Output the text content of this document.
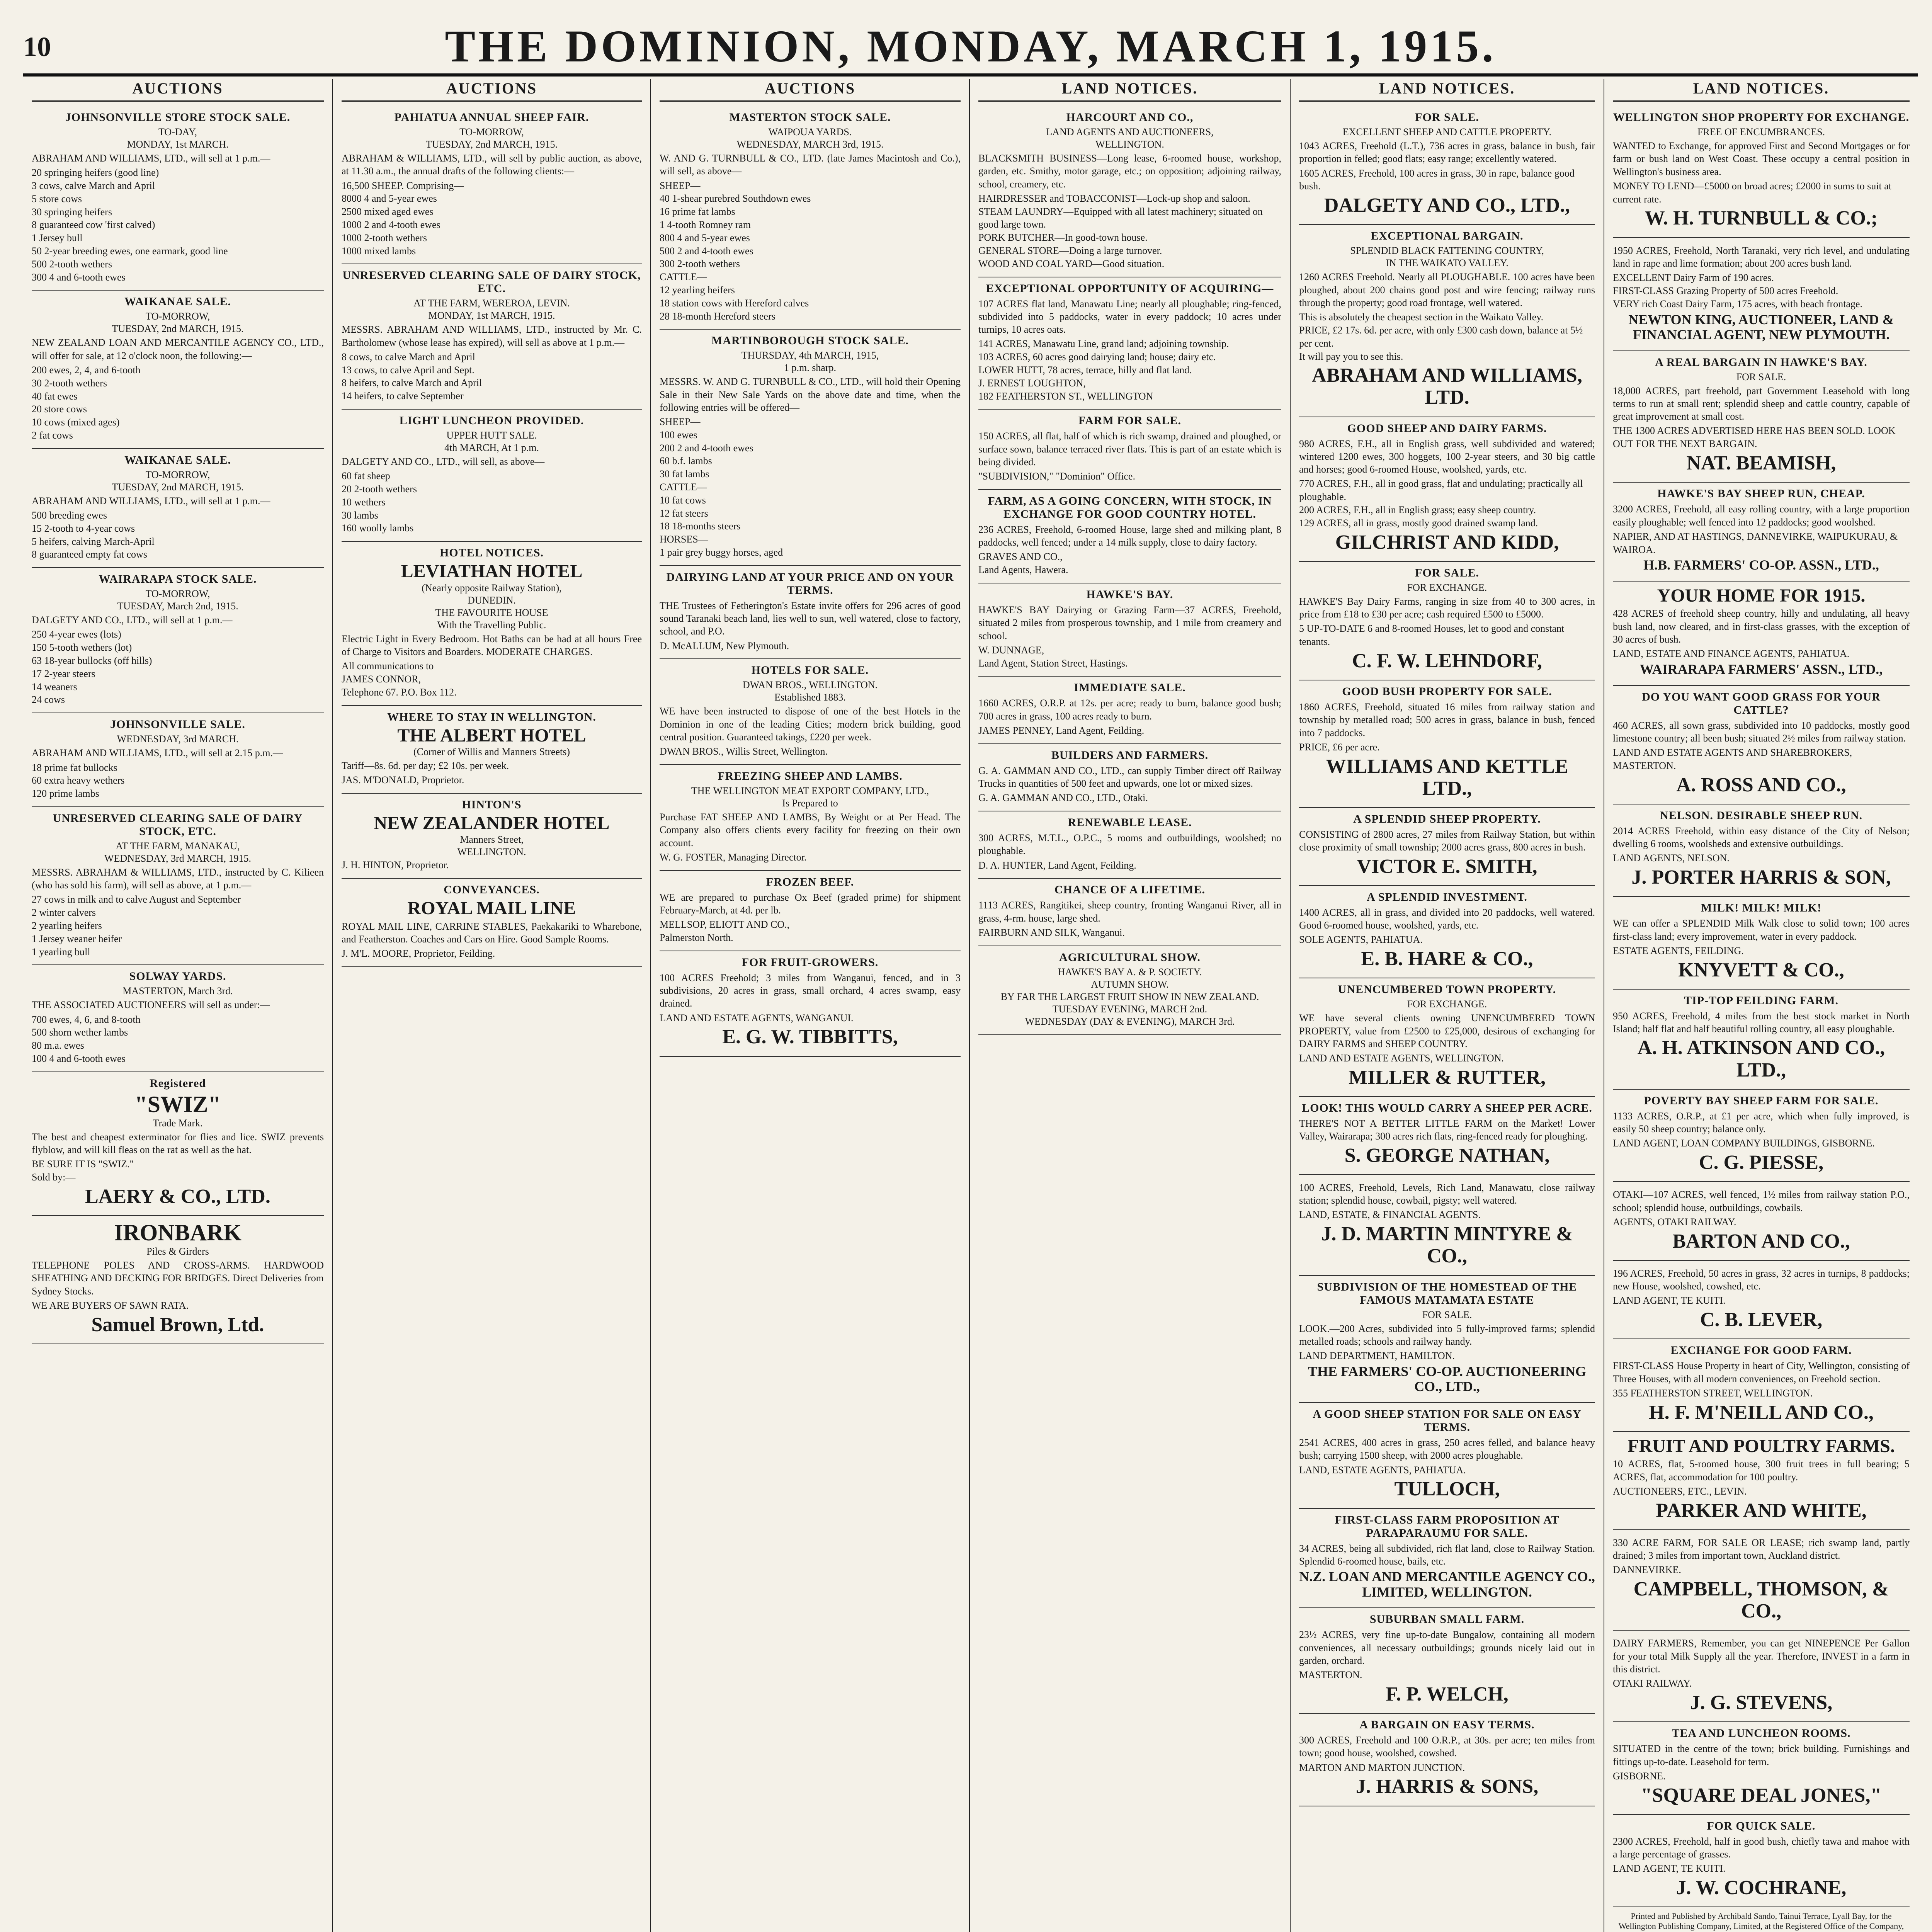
10	THE DOMINION, MONDAY, MARCH 1, 1915.
AUCTIONS
JOHNSONVILLE STORE STOCK SALE.
TO-DAY,
MONDAY, 1st MARCH.

ABRAHAM AND WILLIAMS, LTD., will sell at 1 p.m.—

20 springing heifers (good line)
3 cows, calve March and April
5 store cows
30 springing heifers
8 guaranteed cow 'first calved)
1 Jersey bull
50 2-year breeding ewes, one earmark, good line
500 2-tooth wethers
300 4 and 6-tooth ewes
WAIKANAE SALE.
TO-MORROW,
TUESDAY, 2nd MARCH, 1915.

NEW ZEALAND LOAN AND MERCANTILE AGENCY CO., LTD., will offer for sale, at 12 o'clock noon, the following:—

200 ewes, 2, 4, and 6-tooth
30 2-tooth wethers
40 fat ewes
20 store cows
10 cows (mixed ages)
2 fat cows
WAIKANAE SALE.
TO-MORROW,
TUESDAY, 2nd MARCH, 1915.

ABRAHAM AND WILLIAMS, LTD., will sell at 1 p.m.—

500 breeding ewes
15 2-tooth to 4-year cows
5 heifers, calving March-April
8 guaranteed empty fat cows
WAIRARAPA STOCK SALE.
TO-MORROW,
TUESDAY, March 2nd, 1915.

DALGETY AND CO., LTD., will sell at 1 p.m.—

250 4-year ewes (lots)
150 5-tooth wethers (lot)
63 18-year bullocks (off hills)
17 2-year steers
14 weaners
24 cows
JOHNSONVILLE SALE.
WEDNESDAY, 3rd MARCH.

ABRAHAM AND WILLIAMS, LTD., will sell at 2.15 p.m.—

18 prime fat bullocks
60 extra heavy wethers
120 prime lambs
UNRESERVED CLEARING SALE OF DAIRY STOCK, ETC.
AT THE FARM, MANAKAU,
WEDNESDAY, 3rd MARCH, 1915.

MESSRS. ABRAHAM & WILLIAMS, LTD., instructed by C. Kilieen (who has sold his farm), will sell as above, at 1 p.m.—

27 cows in milk and to calve August and September
2 winter calvers
2 yearling heifers
1 Jersey weaner heifer
1 yearling bull
SOLWAY YARDS.
MASTERTON, March 3rd.

THE ASSOCIATED AUCTIONEERS will sell as under:—

700 ewes, 4, 6, and 8-tooth
500 shorn wether lambs
80 m.a. ewes
100 4 and 6-tooth ewes
Registered
"SWIZ"
Trade Mark.

The best and cheapest exterminator for flies and lice. SWIZ prevents flyblow, and will kill fleas on the rat as well as the hat.

BE SURE IT IS "SWIZ."
Sold by:—
LAERY & CO., LTD.
IRONBARK
Piles & Girders

TELEPHONE POLES AND CROSS-ARMS. HARDWOOD SHEATHING AND DECKING FOR BRIDGES. Direct Deliveries from Sydney Stocks.

WE ARE BUYERS OF SAWN RATA.
Samuel Brown, Ltd.
AUCTIONS
PAHIATUA ANNUAL SHEEP FAIR.
TO-MORROW,
TUESDAY, 2nd MARCH, 1915.

ABRAHAM & WILLIAMS, LTD., will sell by public auction, as above, at 11.30 a.m., the annual drafts of the following clients:—

16,500 SHEEP. Comprising—
8000 4 and 5-year ewes
2500 mixed aged ewes
1000 2 and 4-tooth ewes
1000 2-tooth wethers
1000 mixed lambs
UNRESERVED CLEARING SALE OF DAIRY STOCK, ETC.
AT THE FARM, WEREROA, LEVIN.
MONDAY, 1st MARCH, 1915.

MESSRS. ABRAHAM AND WILLIAMS, LTD., instructed by Mr. C. Bartholomew (whose lease has expired), will sell as above at 1 p.m.—

8 cows, to calve March and April
13 cows, to calve April and Sept.
8 heifers, to calve March and April
14 heifers, to calve September
LIGHT LUNCHEON PROVIDED.
UPPER HUTT SALE.
4th MARCH, At 1 p.m.

DALGETY AND CO., LTD., will sell, as above—

60 fat sheep
20 2-tooth wethers
10 wethers
30 lambs
160 woolly lambs
HOTEL NOTICES.
LEVIATHAN HOTEL
(Nearly opposite Railway Station),
DUNEDIN.
THE FAVOURITE HOUSE
With the Travelling Public.

Electric Light in Every Bedroom. Hot Baths can be had at all hours Free of Charge to Visitors and Boarders. MODERATE CHARGES.

All communications to
JAMES CONNOR,
Telephone 67. P.O. Box 112.
WHERE TO STAY IN WELLINGTON.
THE ALBERT HOTEL
(Corner of Willis and Manners Streets)

Tariff—8s. 6d. per day; £2 10s. per week.

JAS. M'DONALD, Proprietor.
HINTON'S
NEW ZEALANDER HOTEL
Manners Street,
WELLINGTON.
J. H. HINTON, Proprietor.
CONVEYANCES.
ROYAL MAIL LINE

ROYAL MAIL LINE, CARRINE STABLES, Paekakariki to Wharebone, and Featherston. Coaches and Cars on Hire. Good Sample Rooms.

J. M'L. MOORE, Proprietor, Feilding.
AUCTIONS
MASTERTON STOCK SALE.
WAIPOUA YARDS.
WEDNESDAY, MARCH 3rd, 1915.

W. AND G. TURNBULL & CO., LTD. (late James Macintosh and Co.), will sell, as above—

SHEEP—
40 1-shear purebred Southdown ewes
16 prime fat lambs
1 4-tooth Romney ram
800 4 and 5-year ewes
500 2 and 4-tooth ewes
300 2-tooth wethers
CATTLE—
12 yearling heifers
18 station cows with Hereford calves
28 18-month Hereford steers
MARTINBOROUGH STOCK SALE.
THURSDAY, 4th MARCH, 1915,
1 p.m. sharp.

MESSRS. W. AND G. TURNBULL & CO., LTD., will hold their Opening Sale in their New Sale Yards on the above date and time, when the following entries will be offered—

SHEEP—
100 ewes
200 2 and 4-tooth ewes
60 b.f. lambs
30 fat lambs
CATTLE—
10 fat cows
12 fat steers
18 18-months steers
HORSES—
1 pair grey buggy horses, aged
DAIRYING LAND AT YOUR PRICE AND ON YOUR TERMS.

THE Trustees of Fetherington's Estate invite offers for 296 acres of good sound Taranaki beach land, lies well to sun, well watered, close to factory, school, and P.O.

D. McALLUM, New Plymouth.
HOTELS FOR SALE.
DWAN BROS., WELLINGTON.
Established 1883.

WE have been instructed to dispose of one of the best Hotels in the Dominion in one of the leading Cities; modern brick building, good central position. Guaranteed takings, £220 per week.

DWAN BROS., Willis Street, Wellington.
FREEZING SHEEP AND LAMBS.
THE WELLINGTON MEAT EXPORT COMPANY, LTD.,
Is Prepared to

Purchase FAT SHEEP AND LAMBS, By Weight or at Per Head. The Company also offers clients every facility for freezing on their own account.

W. G. FOSTER, Managing Director.
FROZEN BEEF.

WE are prepared to purchase Ox Beef (graded prime) for shipment February-March, at 4d. per lb.

MELLSOP, ELIOTT AND CO.,
Palmerston North.
FOR FRUIT-GROWERS.

100 ACRES Freehold; 3 miles from Wanganui, fenced, and in 3 subdivisions, 20 acres in grass, small orchard, 4 acres swamp, easy drained.

LAND AND ESTATE AGENTS, WANGANUI.
E. G. W. TIBBITTS,
LAND NOTICES.
HARCOURT AND CO.,
LAND AGENTS AND AUCTIONEERS,
WELLINGTON.

BLACKSMITH BUSINESS—Long lease, 6-roomed house, workshop, garden, etc. Smithy, motor garage, etc.; on opposition; adjoining railway, school, creamery, etc.

HAIRDRESSER and TOBACCONIST—Lock-up shop and saloon.
STEAM LAUNDRY—Equipped with all latest machinery; situated on good large town.
PORK BUTCHER—In good-town house.
GENERAL STORE—Doing a large turnover.
WOOD AND COAL YARD—Good situation.
EXCEPTIONAL OPPORTUNITY OF ACQUIRING—

107 ACRES flat land, Manawatu Line; nearly all ploughable; ring-fenced, subdivided into 5 paddocks, water in every paddock; 10 acres under turnips, 10 acres oats.

141 ACRES, Manawatu Line, grand land; adjoining township.
103 ACRES, 60 acres good dairying land; house; dairy etc.
LOWER HUTT, 78 acres, terrace, hilly and flat land.
J. ERNEST LOUGHTON,
182 FEATHERSTON ST., WELLINGTON
FARM FOR SALE.

150 ACRES, all flat, half of which is rich swamp, drained and ploughed, or surface sown, balance terraced river flats. This is part of an estate which is being divided.

"SUBDIVISION," "Dominion" Office.
FARM, AS A GOING CONCERN, WITH STOCK, IN EXCHANGE FOR GOOD COUNTRY HOTEL.

236 ACRES, Freehold, 6-roomed House, large shed and milking plant, 8 paddocks, well fenced; under a 14 milk supply, close to dairy factory.

GRAVES AND CO.,
Land Agents, Hawera.
HAWKE'S BAY.

HAWKE'S BAY Dairying or Grazing Farm—37 ACRES, Freehold, situated 2 miles from prosperous township, and 1 mile from creamery and school.

W. DUNNAGE,
Land Agent, Station Street, Hastings.
IMMEDIATE SALE.

1660 ACRES, O.R.P. at 12s. per acre; ready to burn, balance good bush; 700 acres in grass, 100 acres ready to burn.

JAMES PENNEY, Land Agent, Feilding.
BUILDERS AND FARMERS.

G. A. GAMMAN AND CO., LTD., can supply Timber direct off Railway Trucks in quantities of 500 feet and upwards, one lot or mixed sizes.

G. A. GAMMAN AND CO., LTD., Otaki.
RENEWABLE LEASE.

300 ACRES, M.T.L., O.P.C., 5 rooms and outbuildings, woolshed; no ploughable.

D. A. HUNTER, Land Agent, Feilding.
CHANCE OF A LIFETIME.

1113 ACRES, Rangitikei, sheep country, fronting Wanganui River, all in grass, 4-rm. house, large shed.

FAIRBURN AND SILK, Wanganui.
AGRICULTURAL SHOW.
HAWKE'S BAY A. & P. SOCIETY.
AUTUMN SHOW.
BY FAR THE LARGEST FRUIT SHOW IN NEW ZEALAND.
TUESDAY EVENING, MARCH 2nd.
WEDNESDAY (DAY & EVENING), MARCH 3rd.
LAND NOTICES.
FOR SALE.
EXCELLENT SHEEP AND CATTLE PROPERTY.

1043 ACRES, Freehold (L.T.), 736 acres in grass, balance in bush, fair proportion in felled; good flats; easy range; excellently watered.

1605 ACRES, Freehold, 100 acres in grass, 30 in rape, balance good bush.
DALGETY AND CO., LTD.,
EXCEPTIONAL BARGAIN.
SPLENDID BLACK FATTENING COUNTRY,
IN THE WAIKATO VALLEY.

1260 ACRES Freehold. Nearly all PLOUGHABLE. 100 acres have been ploughed, about 200 chains good post and wire fencing; railway runs through the property; good road frontage, well watered.

This is absolutely the cheapest section in the Waikato Valley.
PRICE, £2 17s. 6d. per acre, with only £300 cash down, balance at 5½ per cent.
It will pay you to see this.
ABRAHAM AND WILLIAMS, LTD.
GOOD SHEEP AND DAIRY FARMS.

980 ACRES, F.H., all in English grass, well subdivided and watered; wintered 1200 ewes, 300 hoggets, 100 2-year steers, and 30 big cattle and horses; good 6-roomed House, woolshed, yards, etc.

770 ACRES, F.H., all in good grass, flat and undulating; practically all ploughable.
200 ACRES, F.H., all in English grass; easy sheep country.
129 ACRES, all in grass, mostly good drained swamp land.
GILCHRIST AND KIDD,
FOR SALE.
FOR EXCHANGE.

HAWKE'S Bay Dairy Farms, ranging in size from 40 to 300 acres, in price from £18 to £30 per acre; cash required £500 to £5000.

5 UP-TO-DATE 6 and 8-roomed Houses, let to good and constant tenants.
C. F. W. LEHNDORF,
GOOD BUSH PROPERTY FOR SALE.

1860 ACRES, Freehold, situated 16 miles from railway station and township by metalled road; 500 acres in grass, balance in bush, fenced into 7 paddocks.

PRICE, £6 per acre.
WILLIAMS AND KETTLE LTD.,
A SPLENDID SHEEP PROPERTY.

CONSISTING of 2800 acres, 27 miles from Railway Station, but within close proximity of small township; 2000 acres grass, 800 acres in bush.

VICTOR E. SMITH,
A SPLENDID INVESTMENT.

1400 ACRES, all in grass, and divided into 20 paddocks, well watered. Good 6-roomed house, woolshed, yards, etc.

SOLE AGENTS, PAHIATUA.
E. B. HARE & CO.,
UNENCUMBERED TOWN PROPERTY.
FOR EXCHANGE.

WE have several clients owning UNENCUMBERED TOWN PROPERTY, value from £2500 to £25,000, desirous of exchanging for DAIRY FARMS and SHEEP COUNTRY.

LAND AND ESTATE AGENTS, WELLINGTON.
MILLER & RUTTER,
LOOK! THIS WOULD CARRY A SHEEP PER ACRE.

THERE'S NOT A BETTER LITTLE FARM on the Market! Lower Valley, Wairarapa; 300 acres rich flats, ring-fenced ready for ploughing.

S. GEORGE NATHAN,

100 ACRES, Freehold, Levels, Rich Land, Manawatu, close railway station; splendid house, cowbail, pigsty; well watered.

LAND, ESTATE, & FINANCIAL AGENTS.
J. D. MARTIN MINTYRE & CO.,
SUBDIVISION OF THE HOMESTEAD OF THE FAMOUS MATAMATA ESTATE
FOR SALE.

LOOK.—200 Acres, subdivided into 5 fully-improved farms; splendid metalled roads; schools and railway handy.

LAND DEPARTMENT, HAMILTON.
THE FARMERS' CO-OP. AUCTIONEERING CO., LTD.,
A GOOD SHEEP STATION FOR SALE ON EASY TERMS.

2541 ACRES, 400 acres in grass, 250 acres felled, and balance heavy bush; carrying 1500 sheep, with 2000 acres ploughable.

LAND, ESTATE AGENTS, PAHIATUA.
TULLOCH,
FIRST-CLASS FARM PROPOSITION AT PARAPARAUMU FOR SALE.

34 ACRES, being all subdivided, rich flat land, close to Railway Station. Splendid 6-roomed house, bails, etc.

N.Z. LOAN AND MERCANTILE AGENCY CO., LIMITED, WELLINGTON.
SUBURBAN SMALL FARM.

23½ ACRES, very fine up-to-date Bungalow, containing all modern conveniences, all necessary outbuildings; grounds nicely laid out in garden, orchard.

MASTERTON.
F. P. WELCH,
A BARGAIN ON EASY TERMS.

300 ACRES, Freehold and 100 O.R.P., at 30s. per acre; ten miles from town; good house, woolshed, cowshed.

MARTON AND MARTON JUNCTION.
J. HARRIS & SONS,
LAND NOTICES.
WELLINGTON SHOP PROPERTY FOR EXCHANGE.
FREE OF ENCUMBRANCES.

WANTED to Exchange, for approved First and Second Mortgages or for farm or bush land on West Coast. These occupy a central position in Wellington's business area.

MONEY TO LEND—£5000 on broad acres; £2000 in sums to suit at current rate.
W. H. TURNBULL & CO.;

1950 ACRES, Freehold, North Taranaki, very rich level, and undulating land in rape and lime formation; about 200 acres bush land.

EXCELLENT Dairy Farm of 190 acres.
FIRST-CLASS Grazing Property of 500 acres Freehold.
VERY rich Coast Dairy Farm, 175 acres, with beach frontage.
NEWTON KING, AUCTIONEER, LAND & FINANCIAL AGENT, NEW PLYMOUTH.
A REAL BARGAIN IN HAWKE'S BAY.
FOR SALE.

18,000 ACRES, part freehold, part Government Leasehold with long terms to run at small rent; splendid sheep and cattle country, capable of great improvement at small cost.

THE 1300 ACRES ADVERTISED HERE HAS BEEN SOLD. LOOK OUT FOR THE NEXT BARGAIN.
NAT. BEAMISH,
HAWKE'S BAY SHEEP RUN, CHEAP.

3200 ACRES, Freehold, all easy rolling country, with a large proportion easily ploughable; well fenced into 12 paddocks; good woolshed.

NAPIER, AND AT HASTINGS, DANNEVIRKE, WAIPUKURAU, & WAIROA.
H.B. FARMERS' CO-OP. ASSN., LTD.,
YOUR HOME FOR 1915.

428 ACRES of freehold sheep country, hilly and undulating, all heavy bush land, now cleared, and in first-class grasses, with the exception of 30 acres of bush.

LAND, ESTATE AND FINANCE AGENTS, PAHIATUA.
WAIRARAPA FARMERS' ASSN., LTD.,
DO YOU WANT GOOD GRASS FOR YOUR CATTLE?

460 ACRES, all sown grass, subdivided into 10 paddocks, mostly good limestone country; all been bush; situated 2½ miles from railway station.

LAND AND ESTATE AGENTS AND SHAREBROKERS, MASTERTON.
A. ROSS AND CO.,
NELSON. DESIRABLE SHEEP RUN.

2014 ACRES Freehold, within easy distance of the City of Nelson; dwelling 6 rooms, woolsheds and extensive outbuildings.

LAND AGENTS, NELSON.
J. PORTER HARRIS & SON,
MILK! MILK! MILK!

WE can offer a SPLENDID Milk Walk close to solid town; 100 acres first-class land; every improvement, water in every paddock.

ESTATE AGENTS, FEILDING.
KNYVETT & CO.,
TIP-TOP FEILDING FARM.

950 ACRES, Freehold, 4 miles from the best stock market in North Island; half flat and half beautiful rolling country, all easy ploughable.

A. H. ATKINSON AND CO., LTD.,
POVERTY BAY SHEEP FARM FOR SALE.

1133 ACRES, O.R.P., at £1 per acre, which when fully improved, is easily 50 sheep country; balance only.

LAND AGENT, LOAN COMPANY BUILDINGS, GISBORNE.
C. G. PIESSE,

OTAKI—107 ACRES, well fenced, 1½ miles from railway station P.O., school; splendid house, outbuildings, cowbails.

AGENTS, OTAKI RAILWAY.
BARTON AND CO.,

196 ACRES, Freehold, 50 acres in grass, 32 acres in turnips, 8 paddocks; new House, woolshed, cowshed, etc.

LAND AGENT, TE KUITI.
C. B. LEVER,
EXCHANGE FOR GOOD FARM.

FIRST-CLASS House Property in heart of City, Wellington, consisting of Three Houses, with all modern conveniences, on Freehold section.

355 FEATHERSTON STREET, WELLINGTON.
H. F. M'NEILL AND CO.,
FRUIT AND POULTRY FARMS.

10 ACRES, flat, 5-roomed house, 300 fruit trees in full bearing; 5 ACRES, flat, accommodation for 100 poultry.

AUCTIONEERS, ETC., LEVIN.
PARKER AND WHITE,

330 ACRE FARM, FOR SALE OR LEASE; rich swamp land, partly drained; 3 miles from important town, Auckland district.

DANNEVIRKE.
CAMPBELL, THOMSON, & CO.,

DAIRY FARMERS, Remember, you can get NINEPENCE Per Gallon for your total Milk Supply all the year. Therefore, INVEST in a farm in this district.

OTAKI RAILWAY.
J. G. STEVENS,
TEA AND LUNCHEON ROOMS.

SITUATED in the centre of the town; brick building. Furnishings and fittings up-to-date. Leasehold for term.

GISBORNE.
"SQUARE DEAL JONES,"
FOR QUICK SALE.

2300 ACRES, Freehold, half in good bush, chiefly tawa and mahoe with a large percentage of grasses.

LAND AGENT, TE KUITI.
J. W. COCHRANE,
Printed and Published by Archibald Sando, Tainui Terrace, Lyall Bay, for the Wellington Publishing Company, Limited, at the Registered Office of the Company,
